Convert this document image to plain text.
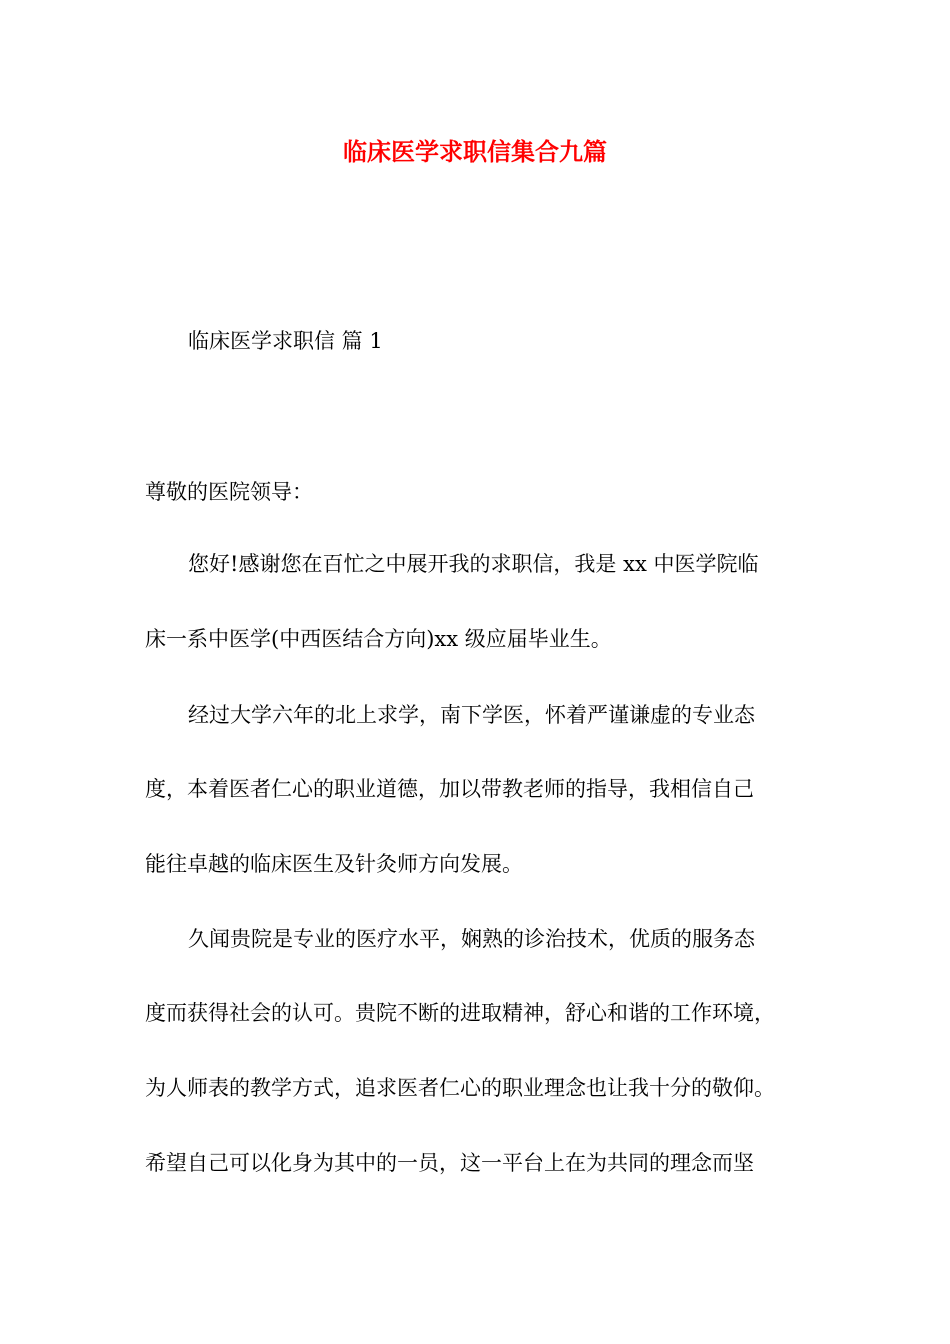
临床医学求职信集合九篇

临床医学求职信 篇 1

尊敬的医院领导：

您好!感谢您在百忙之中展开我的求职信，我是 xx 中医学院临

床一系中医学(中西医结合方向)xx 级应届毕业生。

经过大学六年的北上求学，南下学医，怀着严谨谦虚的专业态

度，本着医者仁心的职业道德，加以带教老师的指导，我相信自己

能往卓越的临床医生及针灸师方向发展。

久闻贵院是专业的医疗水平，娴熟的诊治技术，优质的服务态

度而获得社会的认可。贵院不断的进取精神，舒心和谐的工作环境，

为人师表的教学方式，追求医者仁心的职业理念也让我十分的敬仰。

希望自己可以化身为其中的一员，这一平台上在为共同的理念而坚
